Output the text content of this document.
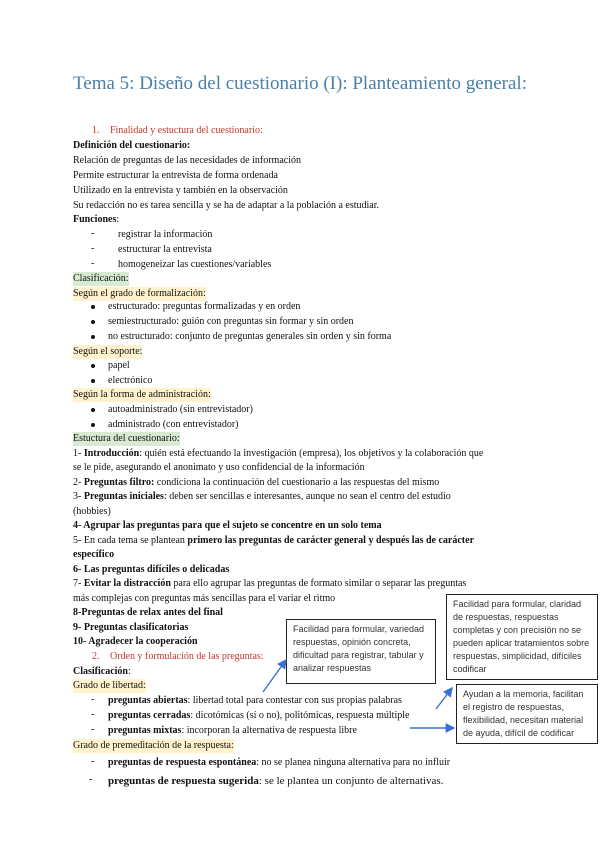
Tema 5: Diseño del cuestionario (I): Planteamiento general:
1. Finalidad y estuctura del cuestionario:
Definición del cuestionario:
Relación de preguntas de las necesidades de información
Permite estructurar la entrevista de forma ordenada
Utilizado en la entrevista y también en la observación
Su redacción no es tarea sencilla y se ha de adaptar a la población a estudiar.
Funciones:
- registrar la información
- estructurar la entrevista
- homogeneizar las cuestiones/variables
Clasificación:
Según el grado de formalización:
estructurado: preguntas formalizadas y en orden
semiestructurado: guión con preguntas sin formar y sin orden
no estructurado: conjunto de preguntas generales sin orden y sin forma
Según el soporte:
papel
electrónico
Según la forma de administración:
autoadministrado (sin entrevistador)
administrado (con entrevistador)
Estuctura del cuestionario:
1- Introducción: quién está efectuando la investigación (empresa), los objetivos y la colaboración que
se le pide, asegurando el anonimato y uso confidencial de la información
2- Preguntas filtro: condiciona la continuación del cuestionario a las respuestas del mismo
3- Preguntas iniciales: deben ser sencillas e interesantes, aunque no sean el centro del estudio
(hobbies)
4- Agrupar las preguntas para que el sujeto se concentre en un solo tema
5- En cada tema se plantean primero las preguntas de carácter general y después las de carácter
específico
6- Las preguntas difíciles o delicadas
7- Evitar la distracción para ello agrupar las preguntas de formato similar o separar las preguntas
más complejas con preguntas más sencillas para el variar el ritmo
8-Preguntas de relax antes del final
9- Preguntas clasificatorias
10- Agradecer la cooperación
2. Orden y formulación de las preguntas:
Clasificación:
Grado de libertad:
- preguntas abiertas: libertad total para contestar con sus propias palabras
- preguntas cerradas: dicotómicas (sí o no), politómicas, respuesta múltiple
- preguntas mixtas: incorporan la alternativa de respuesta libre
Grado de premeditación de la respuesta:
- preguntas de respuesta espontánea: no se planea ninguna alternativa para no influir
- preguntas de respuesta sugerida: se le plantea un conjunto de alternativas.
Facilidad para formular, variedad respuestas, opinión concreta, dificultad para registrar, tabular y analizar respuestas
Facilidad para formular, claridad de respuestas, respuestas completas y con precisión no se pueden aplicar tratamientos sobre respuestas, simplicidad, difíciles codificar
Ayudan a la memoria, facilitan el registro de respuestas, flexibilidad, necesitan material de ayuda, difícil de codificar
